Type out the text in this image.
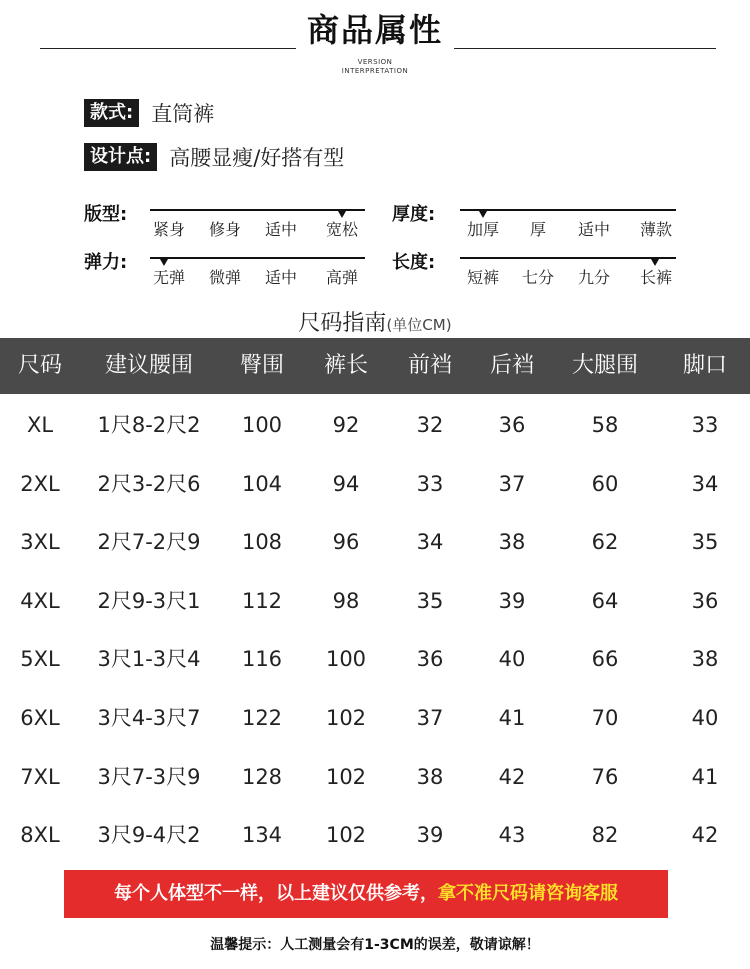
商品属性
VERSION
INTERPRETATION
款式: 直筒裤
设计点: 高腰显瘦/好搭有型
版型:
紧身	修身	适中	宽松
厚度:
加厚	厚	适中	薄款
弹力:
无弹	微弹	适中	高弹
长度:
短裤	七分	九分	长裤
尺码指南(单位CM)
尺码	建议腰围	臀围	裤长	前裆	后裆	大腿围	脚口
XL	1尺8-2尺2	100	92	32	36	58	33
2XL	2尺3-2尺6	104	94	33	37	60	34
3XL	2尺7-2尺9	108	96	34	38	62	35
4XL	2尺9-3尺1	112	98	35	39	64	36
5XL	3尺1-3尺4	116	100	36	40	66	38
6XL	3尺4-3尺7	122	102	37	41	70	40
7XL	3尺7-3尺9	128	102	38	42	76	41
8XL	3尺9-4尺2	134	102	39	43	82	42
每个人体型不一样，以上建议仅供参考，拿不准尺码请咨询客服
温馨提示：人工测量会有1-3CM的误差，敬请谅解！
